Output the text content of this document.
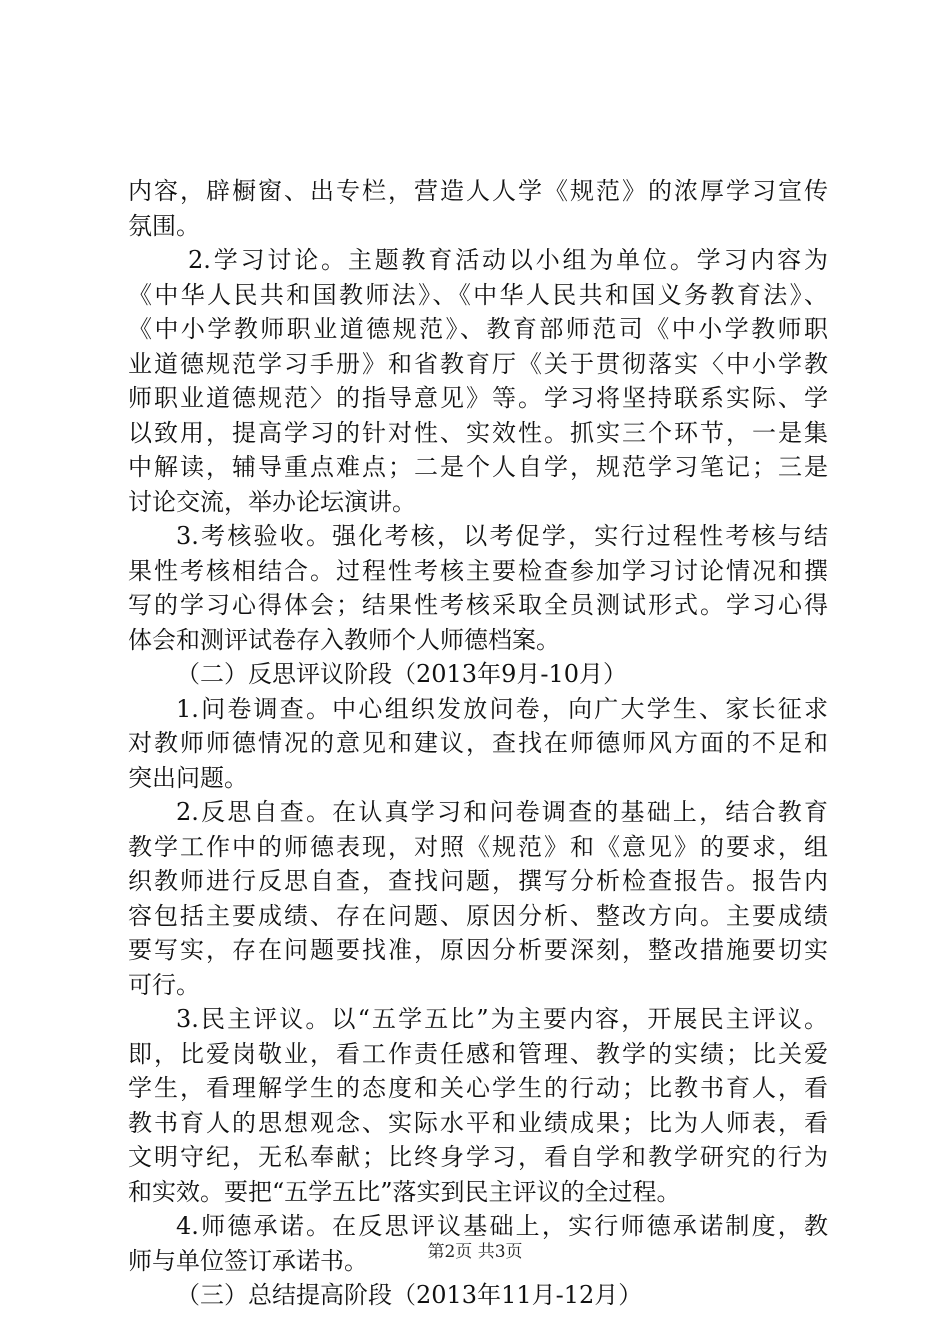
内容，辟橱窗、出专栏，营造人人学《规范》的浓厚学习宣传
氛围。
2.学习讨论。主题教育活动以小组为单位。学习内容为
《中华人民共和国教师法》、《中华人民共和国义务教育法》、
《中小学教师职业道德规范》、教育部师范司《中小学教师职
业道德规范学习手册》和省教育厅《关于贯彻落实〈中小学教
师职业道德规范〉的指导意见》等。学习将坚持联系实际、学
以致用，提高学习的针对性、实效性。抓实三个环节，一是集
中解读，辅导重点难点；二是个人自学，规范学习笔记；三是
讨论交流，举办论坛演讲。
3.考核验收。强化考核，以考促学，实行过程性考核与结
果性考核相结合。过程性考核主要检查参加学习讨论情况和撰
写的学习心得体会；结果性考核采取全员测试形式。学习心得
体会和测评试卷存入教师个人师德档案。
（二）反思评议阶段（2013年9月-10月）
1.问卷调查。中心组织发放问卷，向广大学生、家长征求
对教师师德情况的意见和建议，查找在师德师风方面的不足和
突出问题。
2.反思自查。在认真学习和问卷调查的基础上，结合教育
教学工作中的师德表现，对照《规范》和《意见》的要求，组
织教师进行反思自查，查找问题，撰写分析检查报告。报告内
容包括主要成绩、存在问题、原因分析、整改方向。主要成绩
要写实，存在问题要找准，原因分析要深刻，整改措施要切实
可行。
3.民主评议。以“五学五比”为主要内容，开展民主评议。
即，比爱岗敬业，看工作责任感和管理、教学的实绩；比关爱
学生，看理解学生的态度和关心学生的行动；比教书育人，看
教书育人的思想观念、实际水平和业绩成果；比为人师表，看
文明守纪，无私奉献；比终身学习，看自学和教学研究的行为
和实效。要把“五学五比”落实到民主评议的全过程。
4.师德承诺。在反思评议基础上，实行师德承诺制度，教
师与单位签订承诺书。
（三）总结提高阶段（2013年11月-12月）
第2页 共3页
